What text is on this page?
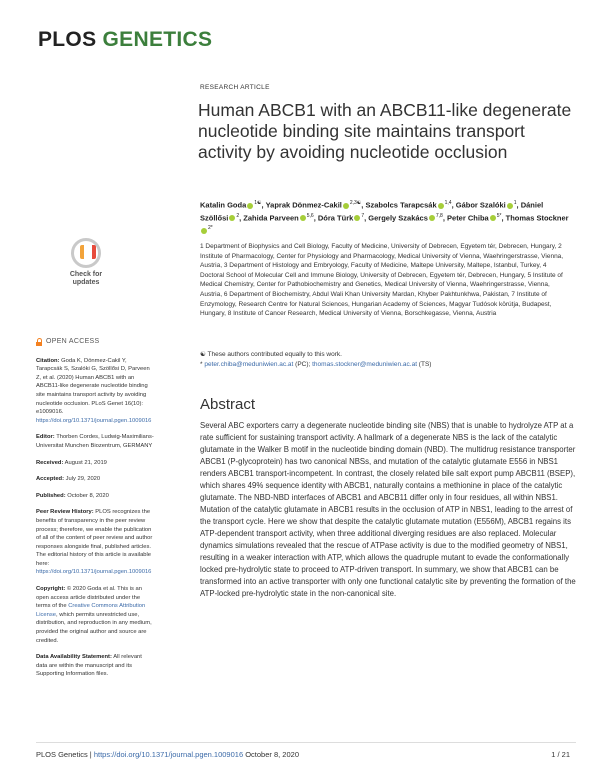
PLOS GENETICS
RESEARCH ARTICLE
Human ABCB1 with an ABCB11-like degenerate nucleotide binding site maintains transport activity by avoiding nucleotide occlusion
Katalin Goda $^{1☯}$, Yaprak Dönmez-Cakil $^{2,3☯}$, Szabolcs Tarapcsák $^{1,4}$, Gábor Szalóki $^1$, Dániel Szöllősi $^2$, Zahida Parveen $^{5,6}$, Dóra Türk $^7$, Gergely Szakács $^{7,8}$, Peter Chiba $^{5*}$, Thomas Stockner$^{2*}$
1 Department of Biophysics and Cell Biology, Faculty of Medicine, University of Debrecen, Egyetem tér, Debrecen, Hungary, 2 Institute of Pharmacology, Center for Physiology and Pharmacology, Medical University of Vienna, Waehringerstrasse, Vienna, Austria, 3 Department of Histology and Embryology, Faculty of Medicine, Maltepe University, Maltepe, Istanbul, Turkey, 4 Doctoral School of Molecular Cell and Immune Biology, University of Debrecen, Egyetem tér, Debrecen, Hungary, 5 Institute of Medical Chemistry, Center for Pathobiochemistry and Genetics, Medical University of Vienna, Waehringerstrasse, Vienna, Austria, 6 Department of Biochemistry, Abdul Wali Khan University Mardan, Khyber Pakhtunkhwa, Pakistan, 7 Institute of Enzymology, Research Centre for Natural Sciences, Hungarian Academy of Sciences, Magyar Tudósok körútja, Budapest, Hungary, 8 Institute of Cancer Research, Medical University of Vienna, Borschkegasse, Vienna, Austria
☯ These authors contributed equally to this work.
* peter.chiba@meduniwien.ac.at (PC); thomas.stockner@meduniwien.ac.at (TS)
Abstract
Several ABC exporters carry a degenerate nucleotide binding site (NBS) that is unable to hydrolyze ATP at a rate sufficient for sustaining transport activity. A hallmark of a degenerate NBS is the lack of the catalytic glutamate in the Walker B motif in the nucleotide binding domain (NBD). The multidrug resistance transporter ABCB1 (P-glycoprotein) has two canonical NBSs, and mutation of the catalytic glutamate E556 in NBS1 renders ABCB1 transport-incompetent. In contrast, the closely related bile salt export pump ABCB11 (BSEP), which shares 49% sequence identity with ABCB1, naturally contains a methionine in place of the catalytic glutamate. The NBD-NBD interfaces of ABCB1 and ABCB11 differ only in four residues, all within NBS1. Mutation of the catalytic glutamate in ABCB1 results in the occlusion of ATP in NBS1, leading to the arrest of the transport cycle. Here we show that despite the catalytic glutamate mutation (E556M), ABCB1 regains its ATP-dependent transport activity, when three additional diverging residues are also replaced. Molecular dynamics simulations revealed that the rescue of ATPase activity is due to the modified geometry of NBS1, resulting in a weaker interaction with ATP, which allows the quadruple mutant to evade the conformationally locked pre-hydrolytic state to proceed to ATP-driven transport. In summary, we show that ABCB1 can be transformed into an active transporter with only one functional catalytic site by preventing the formation of the ATP-locked pre-hydrolytic state in the non-canonical site.
Check for updates
OPEN ACCESS
Citation: Goda K, Dönmez-Cakil Y, Tarapcsák S, Szalóki G, Szöllősi D, Parveen Z, et al. (2020) Human ABCB1 with an ABCB11-like degenerate nucleotide binding site maintains transport activity by avoiding nucleotide occlusion. PLoS Genet 16(10): e1009016. https://doi.org/10.1371/journal.pgen.1009016
Editor: Thorben Cordes, Ludwig-Maximilians-Universitat Munchen Biozentrum, GERMANY
Received: August 21, 2019
Accepted: July 29, 2020
Published: October 8, 2020
Peer Review History: PLOS recognizes the benefits of transparency in the peer review process; therefore, we enable the publication of all of the content of peer review and author responses alongside final, published articles. The editorial history of this article is available here: https://doi.org/10.1371/journal.pgen.1009016
Copyright: © 2020 Goda et al. This is an open access article distributed under the terms of the Creative Commons Attribution License, which permits unrestricted use, distribution, and reproduction in any medium, provided the original author and source are credited.
Data Availability Statement: All relevant data are within the manuscript and its Supporting Information files.
PLOS Genetics | https://doi.org/10.1371/journal.pgen.1009016 October 8, 2020	1 / 21
